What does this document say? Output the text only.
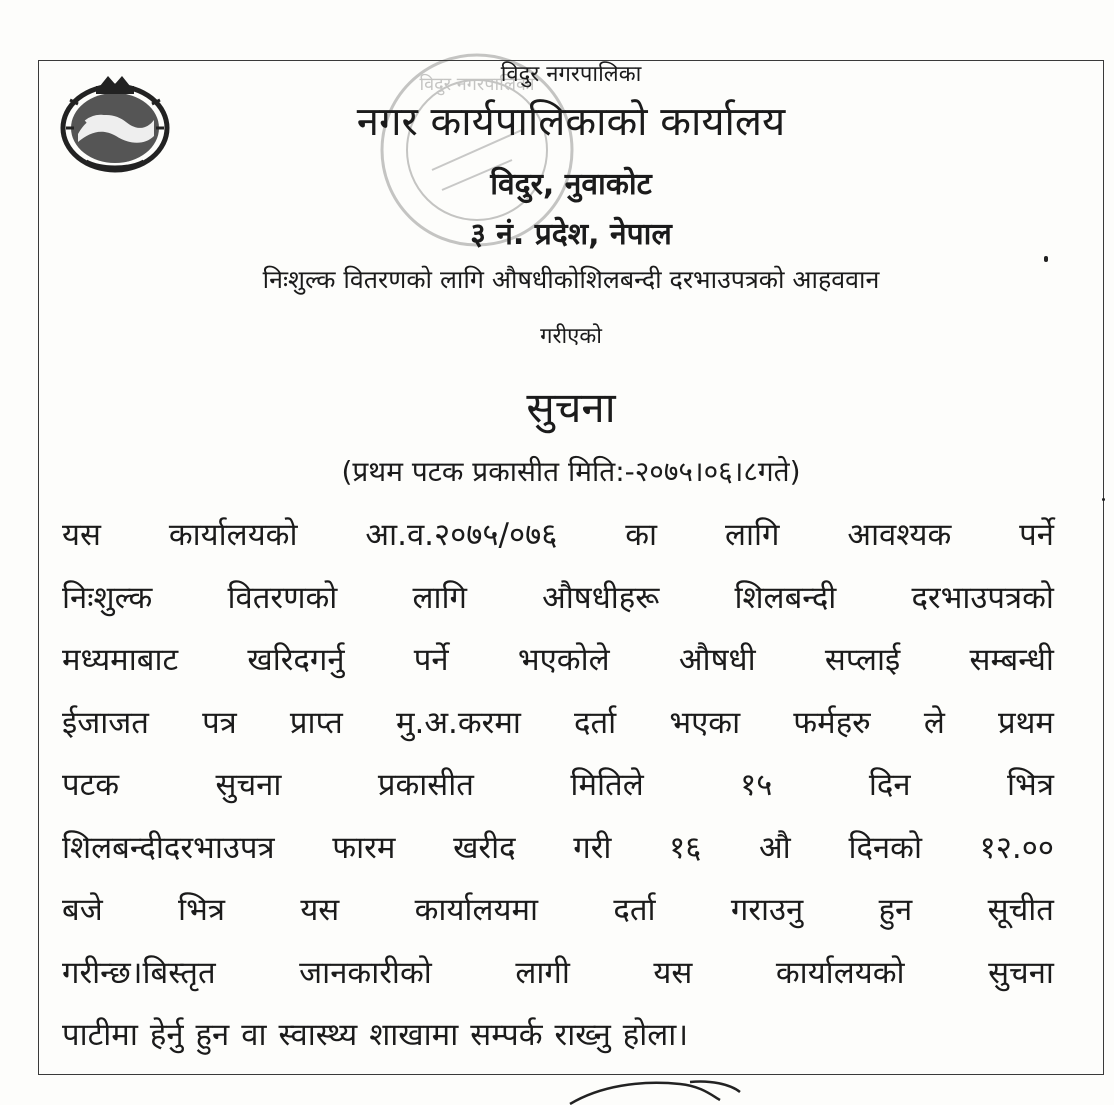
विदुर नगरपालिका
विदुर नगरपालिका
नगर कार्यपालिकाको कार्यालय
विदुर, नुवाकोट
३ नं. प्रदेश, नेपाल
निःशुल्क वितरणको लागि औषधीकोशिलबन्दी दरभाउपत्रको आहववान
गरीएको
सुचना
(प्रथम पटक प्रकासीत मिति:-२०७५।०६।८गते)
यस कार्यालयको आ.व.२०७५/०७६ का लागि आवश्यक पर्ने
निःशुल्क वितरणको लागि औषधीहरू शिलबन्दी दरभाउपत्रको
मध्यमाबाट खरिदगर्नु पर्ने भएकोले औषधी सप्लाई सम्बन्धी
ईजाजत पत्र प्राप्त मु.अ.करमा दर्ता भएका फर्महरु ले प्रथम
पटक	सुचना	प्रकासीत	मितिले	१५	दिन	भित्र
शिलबन्दीदरभाउपत्र फारम खरीद गरी १६ औ दिनको १२.००
बजे भित्र यस कार्यालयमा दर्ता गराउनु हुन सूचीत
गरीन्छ।बिस्तृत	जानकारीको	लागी	यस	कार्यालयको	सुचना
पाटीमा हेर्नु हुन वा स्वास्थ्य शाखामा सम्पर्क राख्नु होला।
